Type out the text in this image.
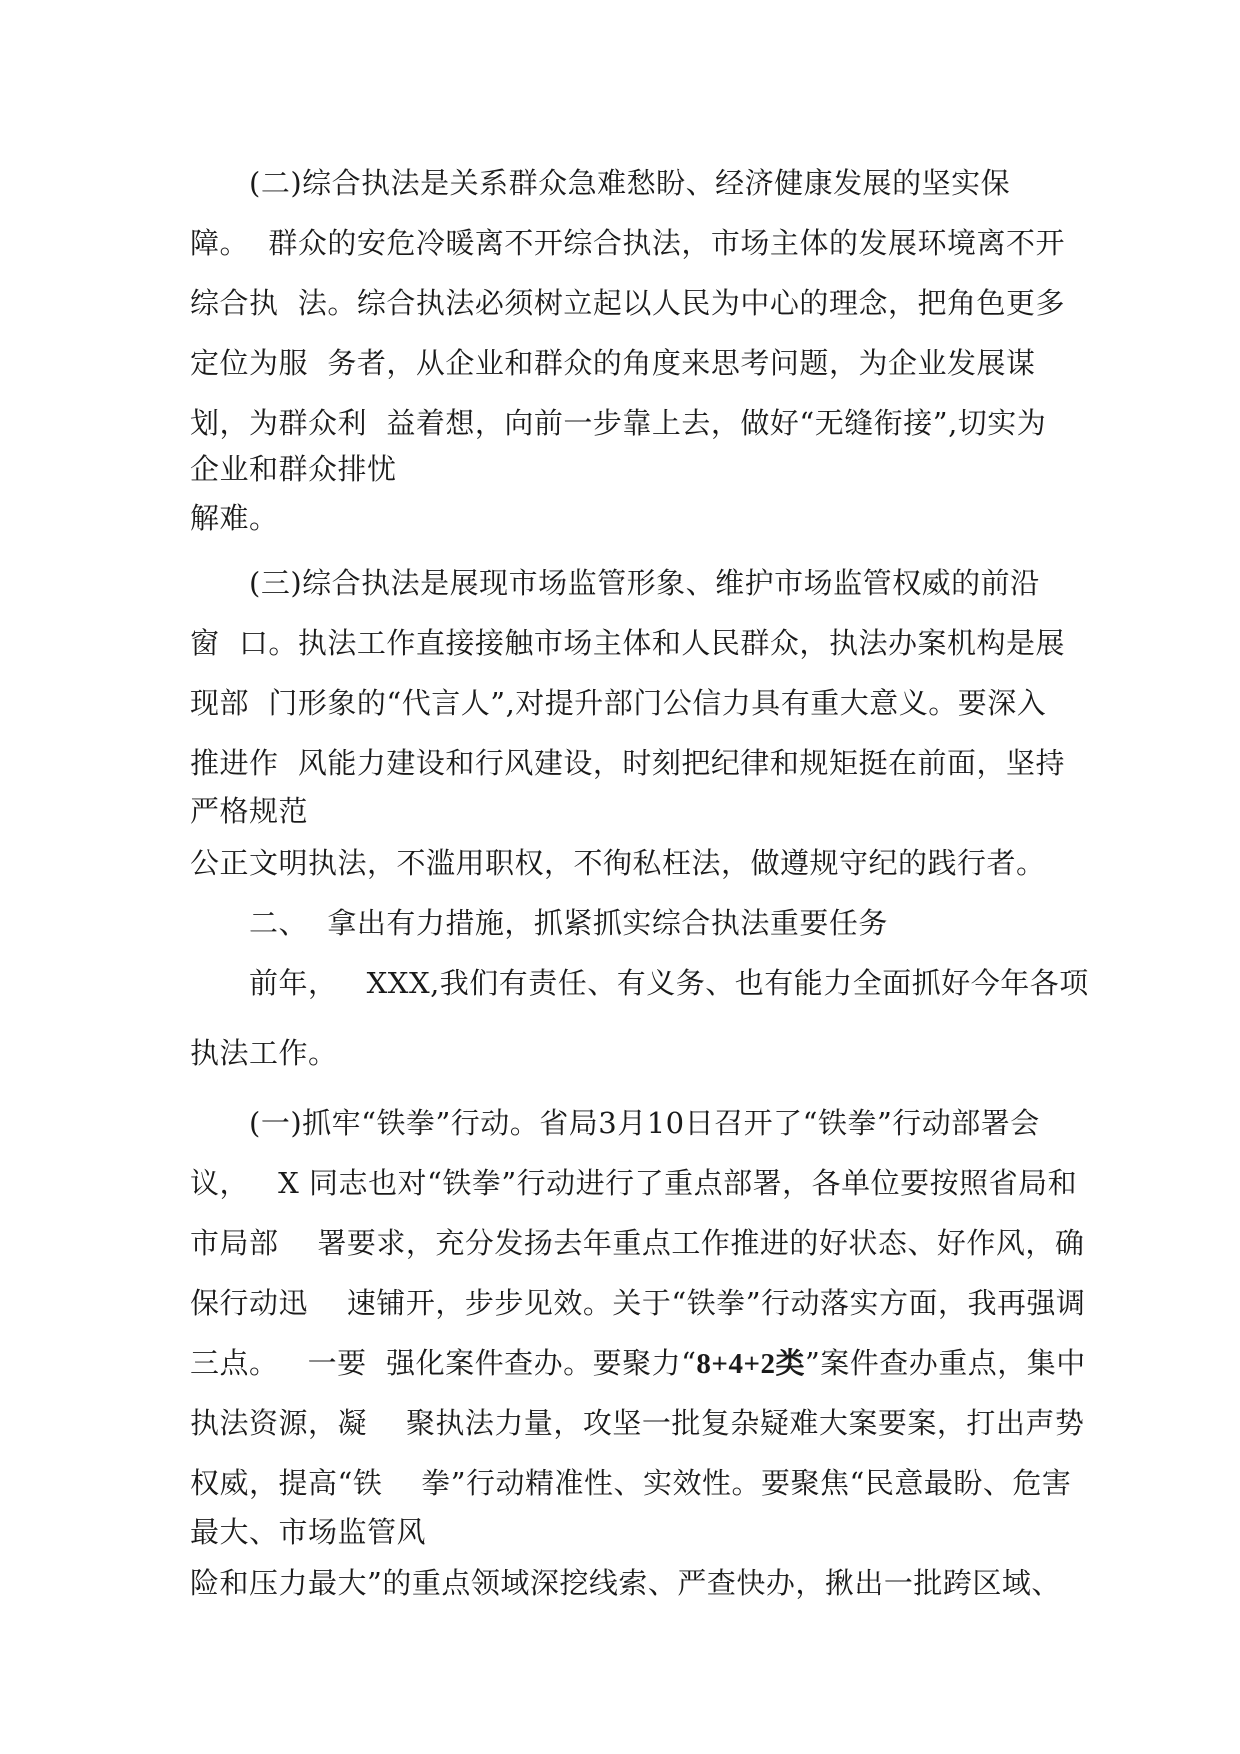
(二)综合执法是关系群众急难愁盼、经济健康发展的坚实保
障。  群众的安危冷暖离不开综合执法，市场主体的发展环境离不开
综合执  法。综合执法必须树立起以人民为中心的理念，把角色更多
定位为服  务者，从企业和群众的角度来思考问题，为企业发展谋
划，为群众利  益着想，向前一步靠上去，做好“无缝衔接”,切实为
企业和群众排忧
解难。
(三)综合执法是展现市场监管形象、维护市场监管权威的前沿
窗  口。执法工作直接接触市场主体和人民群众，执法办案机构是展
现部  门形象的“代言人”,对提升部门公信力具有重大意义。要深入
推进作  风能力建设和行风建设，时刻把纪律和规矩挺在前面，坚持
严格规范
公正文明执法，不滥用职权，不徇私枉法，做遵规守纪的践行者。
二、  拿出有力措施，抓紧抓实综合执法重要任务
前年，   XXX,我们有责任、有义务、也有能力全面抓好今年各项
执法工作。
(一)抓牢“铁拳”行动。省局3月10日召开了“铁拳”行动部署会
议，   X 同志也对“铁拳”行动进行了重点部署，各单位要按照省局和
市局部    署要求，充分发扬去年重点工作推进的好状态、好作风，确
保行动迅    速铺开，步步见效。关于“铁拳”行动落实方面，我再强调
三点。   一要  强化案件查办。要聚力“8+4+2类”案件查办重点，集中
执法资源，凝    聚执法力量，攻坚一批复杂疑难大案要案，打出声势
权威，提高“铁    拳”行动精准性、实效性。要聚焦“民意最盼、危害
最大、市场监管风
险和压力最大”的重点领域深挖线索、严查快办，揪出一批跨区域、
